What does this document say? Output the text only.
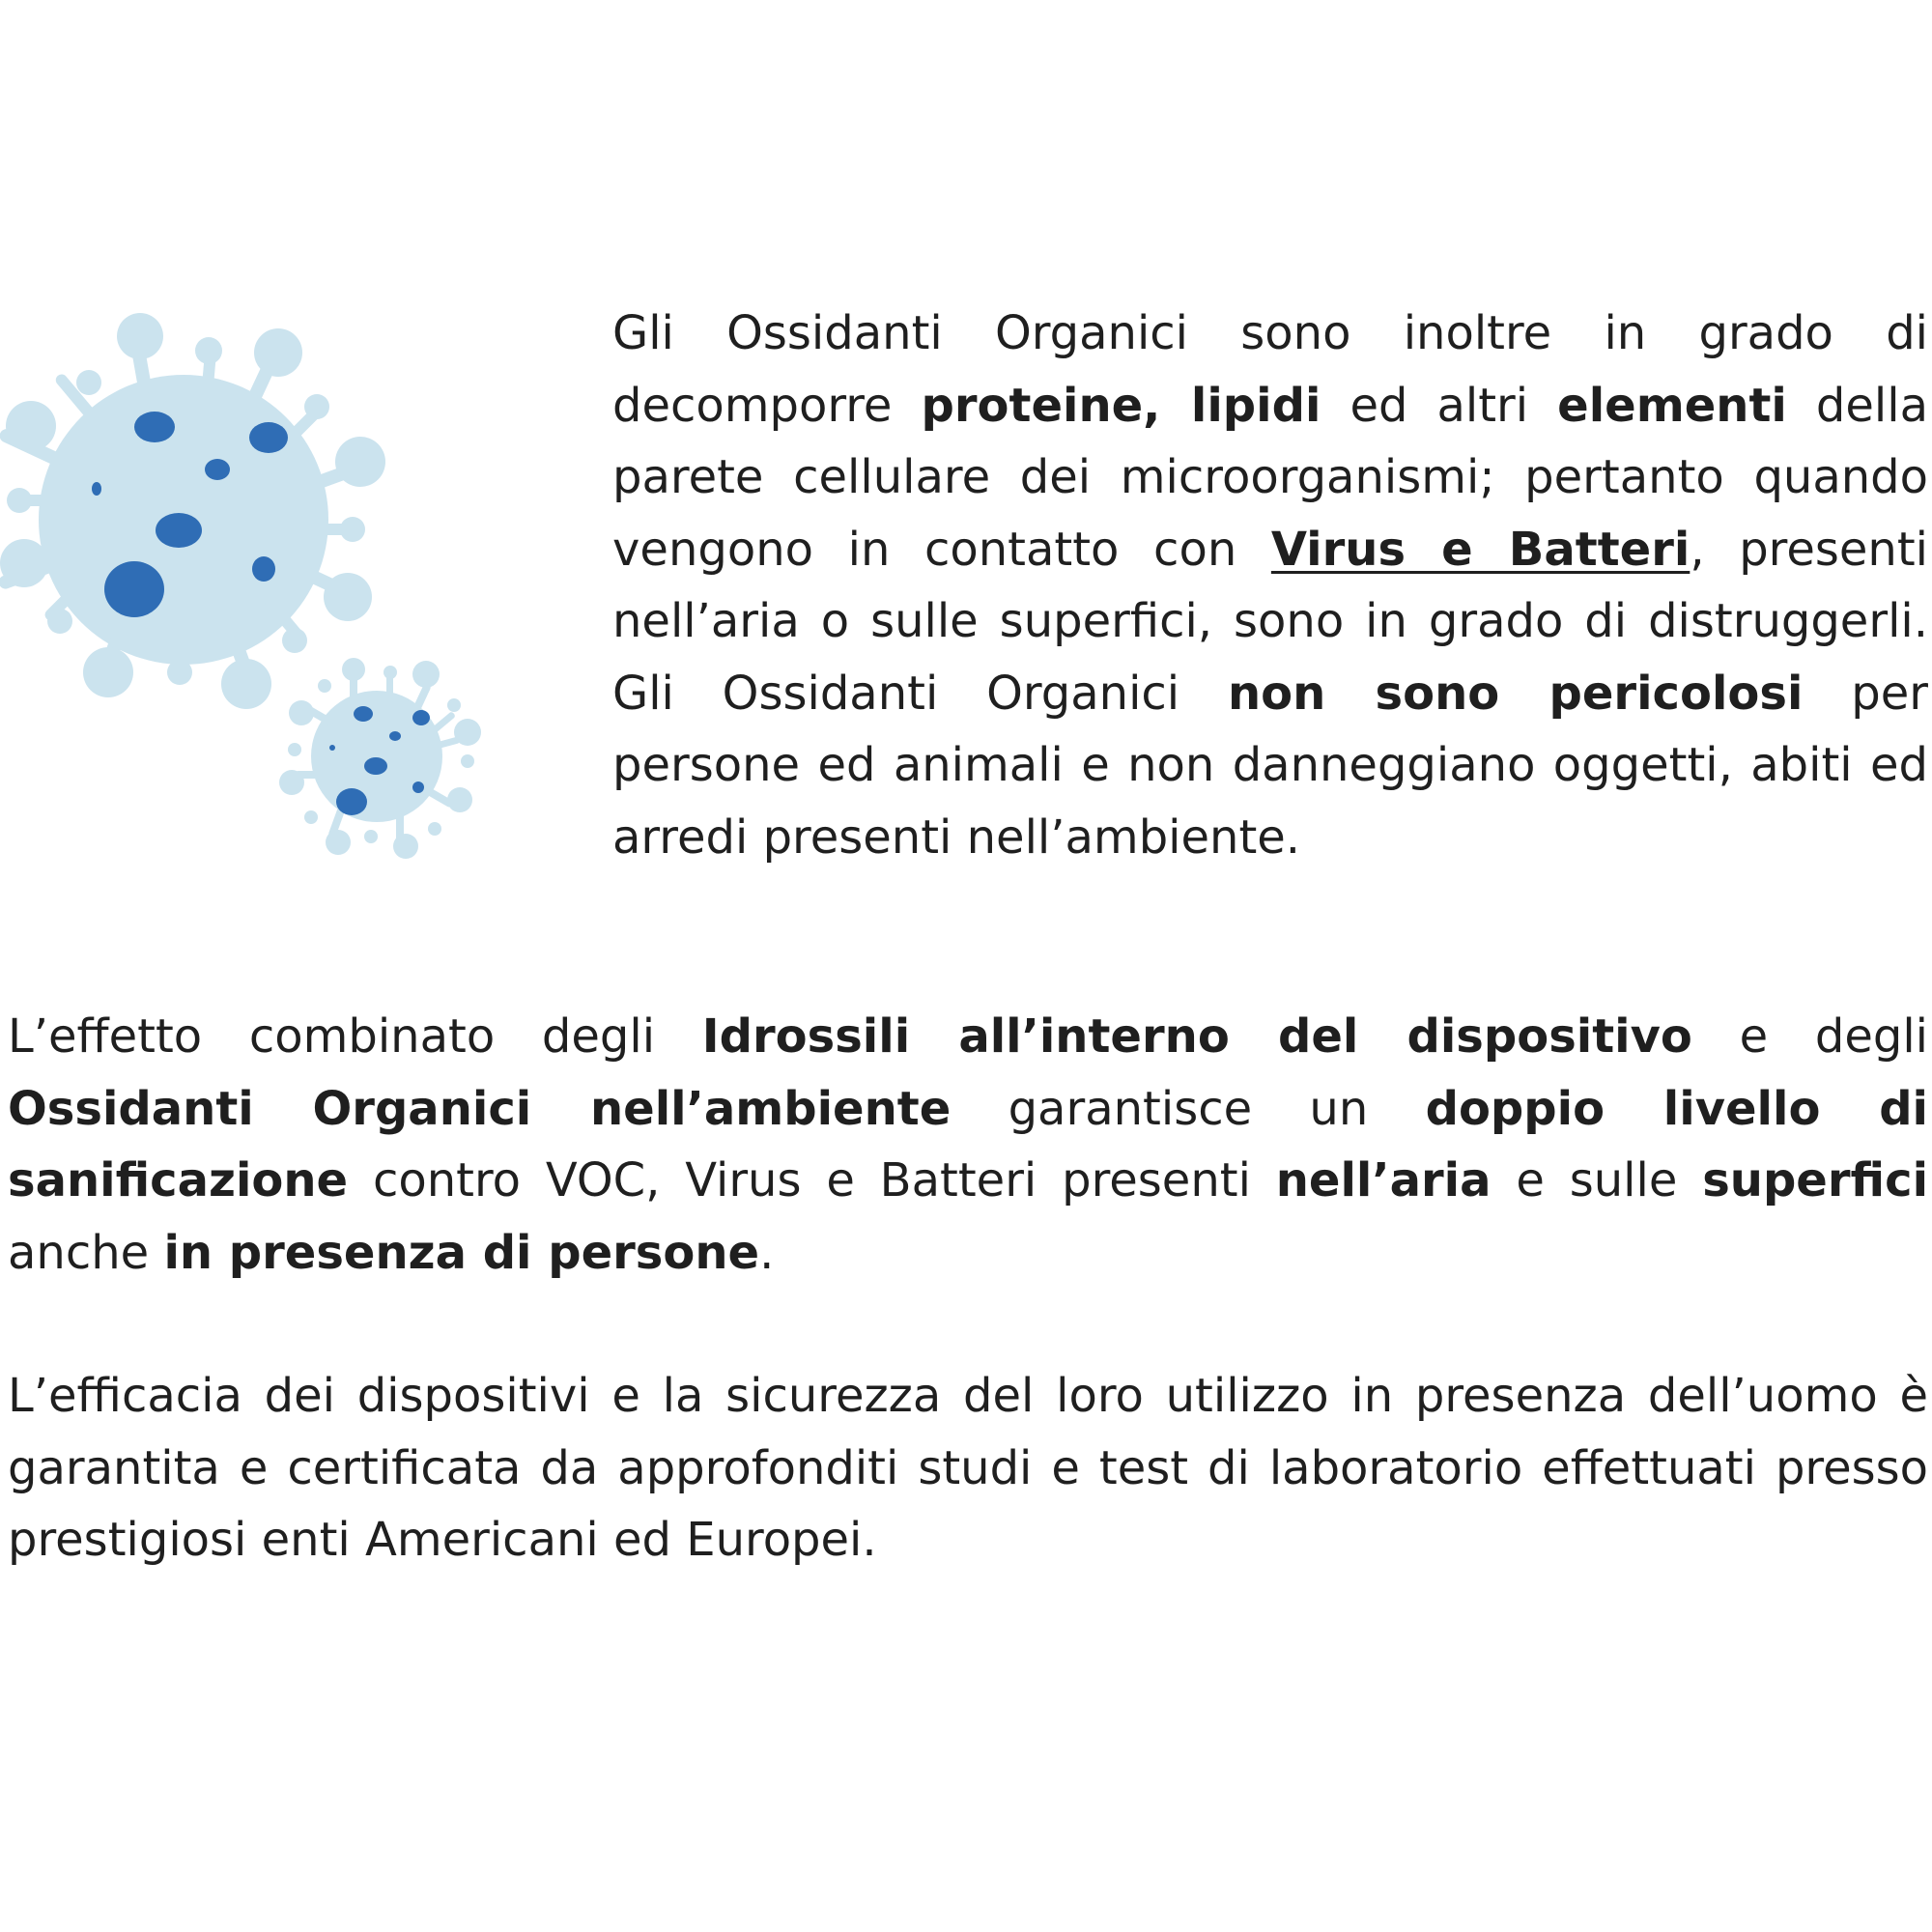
Gli Ossidanti Organici sono inoltre in grado di decomporre proteine, lipidi ed altri elementi della parete cellulare dei microorganismi; pertanto quando vengono in contatto con Virus e Batteri, presenti nell’aria o sulle superfici, sono in grado di distruggerli. Gli Ossidanti Organici non sono pericolosi per persone ed animali e non danneggiano oggetti, abiti ed arredi presenti nell’ambiente.

L’effetto combinato degli Idrossili all’interno del dispositivo e degli Ossidanti Organici nell’ambiente garantisce un doppio livello di sanificazione contro VOC, Virus e Batteri presenti nell’aria e sulle superfici anche in presenza di persone.

L’efficacia dei dispositivi e la sicurezza del loro utilizzo in presenza dell’uomo è garantita e certificata da approfonditi studi e test di laboratorio effettuati presso prestigiosi enti Americani ed Europei.
